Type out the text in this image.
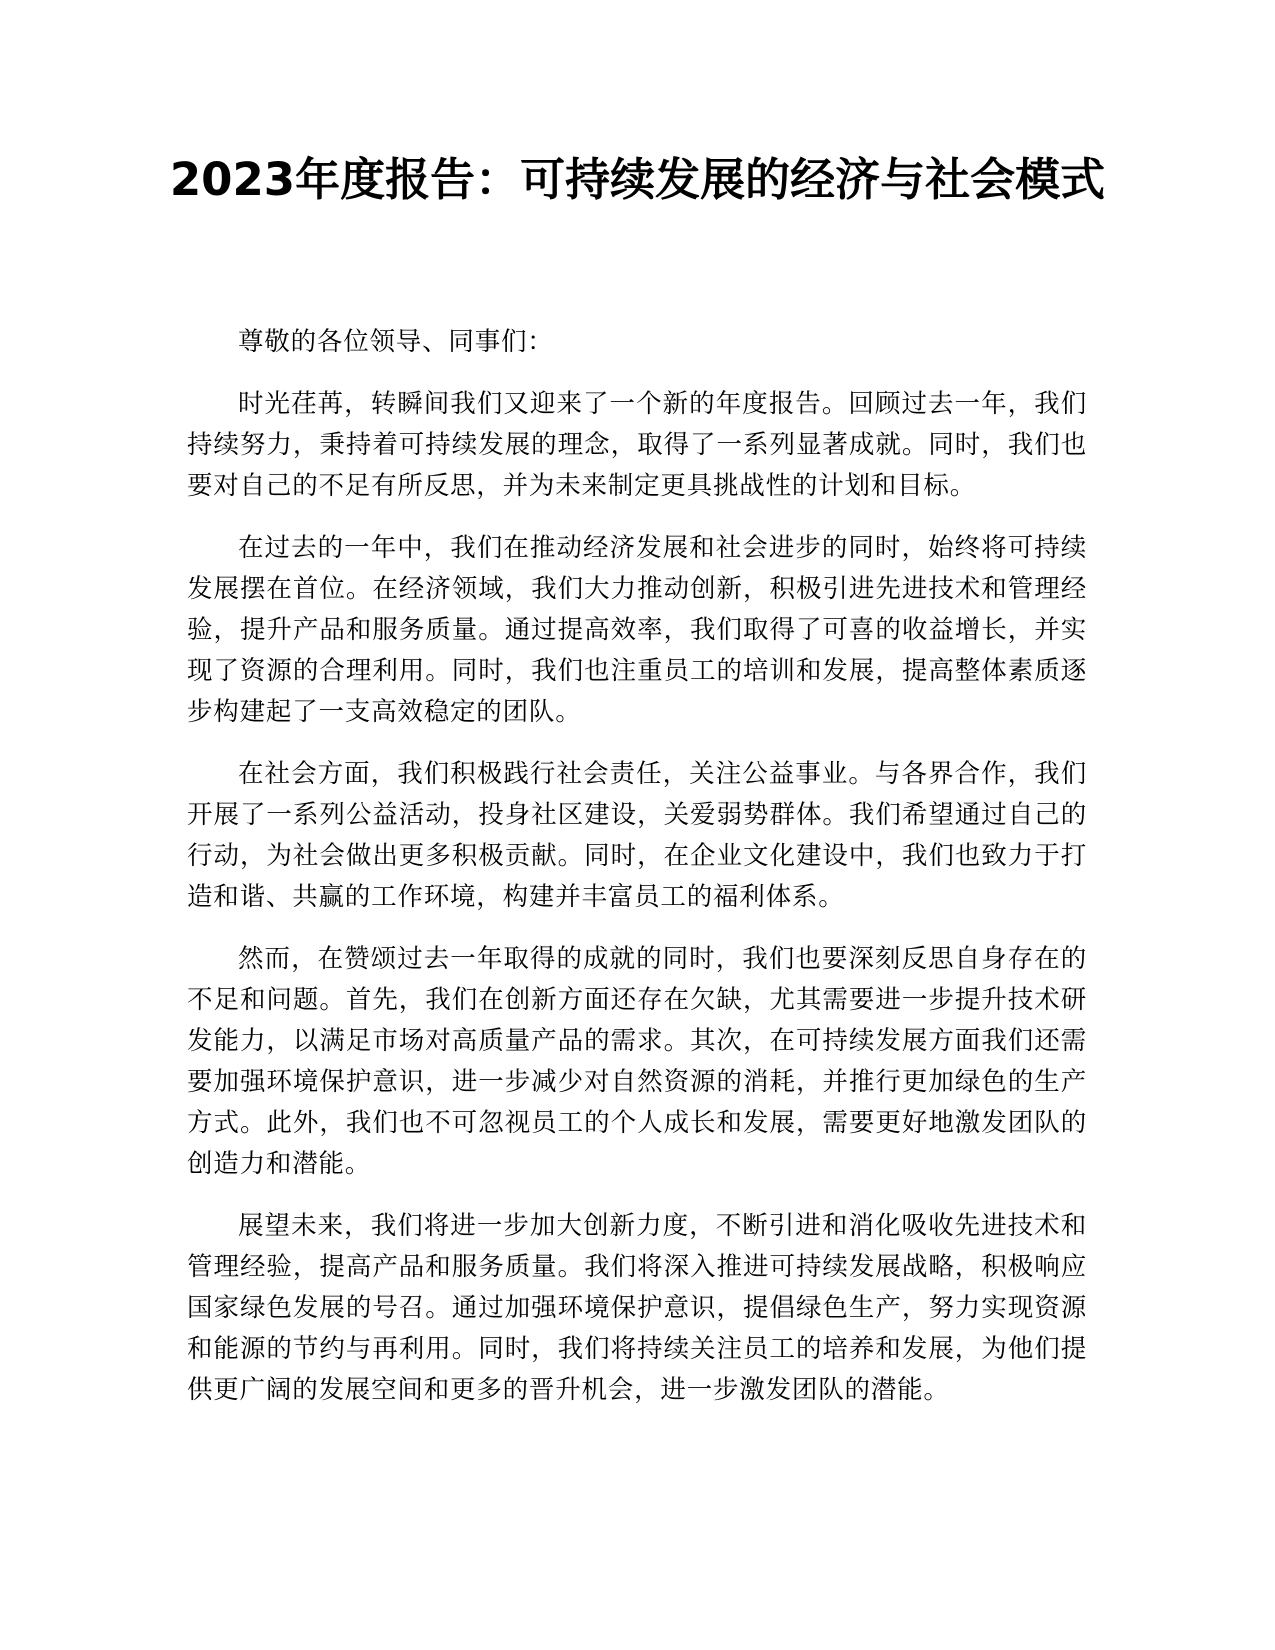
2023年度报告：可持续发展的经济与社会模式

尊敬的各位领导、同事们：

时光荏苒，转瞬间我们又迎来了一个新的年度报告。回顾过去一年，我们持续努力，秉持着可持续发展的理念，取得了一系列显著成就。同时，我们也要对自己的不足有所反思，并为未来制定更具挑战性的计划和目标。

在过去的一年中，我们在推动经济发展和社会进步的同时，始终将可持续发展摆在首位。在经济领域，我们大力推动创新，积极引进先进技术和管理经验，提升产品和服务质量。通过提高效率，我们取得了可喜的收益增长，并实现了资源的合理利用。同时，我们也注重员工的培训和发展，提高整体素质逐步构建起了一支高效稳定的团队。

在社会方面，我们积极践行社会责任，关注公益事业。与各界合作，我们开展了一系列公益活动，投身社区建设，关爱弱势群体。我们希望通过自己的行动，为社会做出更多积极贡献。同时，在企业文化建设中，我们也致力于打造和谐、共赢的工作环境，构建并丰富员工的福利体系。

然而，在赞颂过去一年取得的成就的同时，我们也要深刻反思自身存在的不足和问题。首先，我们在创新方面还存在欠缺，尤其需要进一步提升技术研发能力，以满足市场对高质量产品的需求。其次，在可持续发展方面我们还需要加强环境保护意识，进一步减少对自然资源的消耗，并推行更加绿色的生产方式。此外，我们也不可忽视员工的个人成长和发展，需要更好地激发团队的创造力和潜能。

展望未来，我们将进一步加大创新力度，不断引进和消化吸收先进技术和管理经验，提高产品和服务质量。我们将深入推进可持续发展战略，积极响应国家绿色发展的号召。通过加强环境保护意识，提倡绿色生产，努力实现资源和能源的节约与再利用。同时，我们将持续关注员工的培养和发展，为他们提供更广阔的发展空间和更多的晋升机会，进一步激发团队的潜能。
